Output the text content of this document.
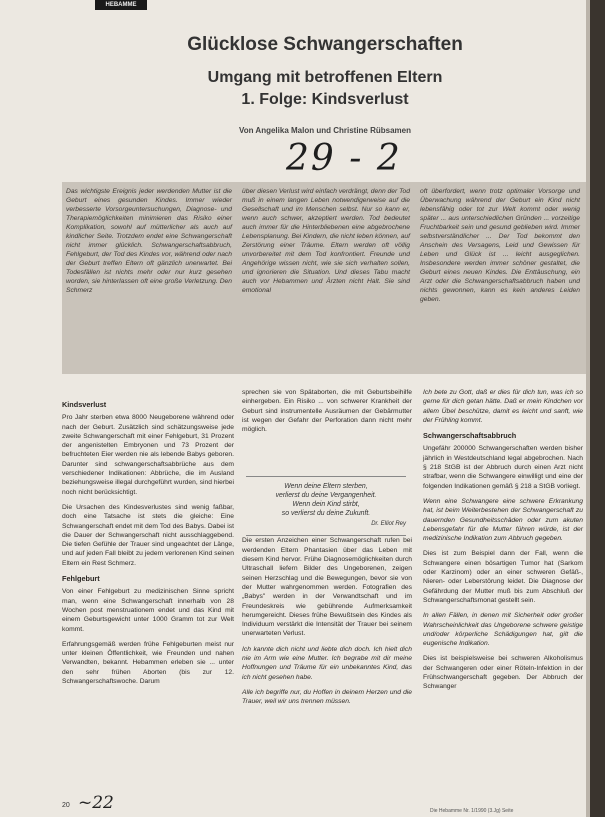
HEBAMME
Glücklose Schwangerschaften
Umgang mit betroffenen Eltern
1. Folge: Kindsverlust
Von Angelika Malon und Christine Rübsamen
29 - 2
Das wichtigste Ereignis jeder werdenden Mutter ist die Geburt eines gesunden Kindes. Immer wieder verbesserte Vorsorgeuntersuchungen, Diagnose- und Therapiemöglichkeiten minimieren das Risiko einer Komplikation, sowohl auf mütterlicher als auch auf kindlicher Seite. Trotzdem endet eine Schwangerschaft nicht immer glücklich. Schwangerschaftsabbruch, Fehlgeburt, der Tod des Kindes vor, während oder nach der Geburt treffen Eltern oft gänzlich unerwartet. Bei Todesfällen ist nichts mehr oder nur kurz gesehen worden, sie hinterlassen oft eine große Verletzung. Den Schmerz
über diesen Verlust wird einfach verdrängt, denn der Tod muß in einem langen Leben notwendigerweise auf die Gesellschaft und im Menschen selbst. Nur so kann er, wenn auch schwer, akzeptiert werden. Tod bedeutet auch immer für die Hinterbliebenen eine abgebrochene Lebensplanung. Bei Kindern, die nicht leben können, auf Zerstörung einer Träume. Eltern werden oft völlig unvorbereitet mit dem Tod konfrontiert. Freunde und Angehörige wissen nicht, wie sie sich verhalten sollen, und ignorieren die Situation. Und dieses Tabu macht auch vor Hebammen und Ärzten nicht Halt. Sie sind emotional
oft überfordert, wenn trotz optimaler Vorsorge und Überwachung während der Geburt ein Kind nicht lebensfähig oder tot zur Welt kommt oder wenig später ... aus unterschiedlichen Gründen ... vorzeitige Fruchtbarkeit sein und gesund geblieben wird. Immer selbstverständlicher ... Der Tod bekommt den Anschein des Versagens, Leid und Gewissen für Leben und Glück ist ... leicht ausgeglichen. Insbesondere werden immer schöner gestaltet, die Geburt eines neuen Kindes. Die Enttäuschung, ein Arzt oder die Schwangerschaftsabbruch haben und nichts gewonnen, kann es kein anderes Leiden geben.
Kindsverlust
Pro Jahr sterben etwa 8000 Neugeborene während oder nach der Geburt. Zusätzlich sind schätzungsweise jede zweite Schwangerschaft mit einer Fehlgeburt, 31 Prozent der angenistelten Embryonen und 73 Prozent der befruchteten Eier werden nie als lebende Babys geboren. Darunter sind schwangerschaftsabbrüche aus dem verschiedener Indikationen: Abbrüche, die im Ausland beziehungsweise illegal durchgeführt wurden, sind hierbei noch nicht berücksichtigt.
Die Ursachen des Kindesverlustes sind wenig faßbar, doch eine Tatsache ist stets die gleiche: Eine Schwangerschaft endet mit dem Tod des Babys. Dabei ist die Dauer der Schwangerschaft nicht ausschlaggebend. Die tiefen Gefühle der Trauer sind ungeachtet der Länge, und auf jeden Fall bleibt zu jedem verlorenen Kind seinen Eltern ein Rest Schmerz.
Fehlgeburt
Von einer Fehlgeburt zu medizinischen Sinne spricht man, wenn eine Schwangerschaft innerhalb von 28 Wochen post menstruationem endet und das Kind mit einem Geburtsgewicht unter 1000 Gramm tot zur Welt kommt.
Erfahrungsgemäß werden frühe Fehlgeburten meist nur unter kleinen Öffentlichkeit, wie Freunden und nahen Verwandten, bekannt. Hebammen erleben sie ... unter den sehr frühen Aborten (bis zur 12. Schwangerschaftswoche. Darum
sprechen sie von Spätaborten, die mit Geburtsbeihilfe einhergeben. Ein Risiko ... von schwerer Krankheit der Geburt sind instrumentelle Ausräumen der Gebärmutter ist wegen der Gefahr der Perforation dann nicht mehr möglich.
Die ersten Anzeichen einer Schwangerschaft rufen bei werdenden Eltern Phantasien über das Leben mit diesem Kind hervor. Frühe Diagnosemöglichkeiten durch Ultraschall liefern Bilder des Ungeborenen, zeigen seinen Herzschlag und die Bewegungen, bevor sie von der Mutter wahrgenommen werden. Fotografien des „Babys" werden in der Verwandtschaft und im Freundeskreis wie gebührende Aufmerksamkeit herumgereicht. Dieses frühe Bewußtsein des Kindes als Individuum verstärkt die Intensität der Trauer bei seinem unerwarteten Verlust.
Ich kannte dich nicht und liebte dich doch. Ich hielt dich nie im Arm wie eine Mutter. Ich begrabe mit dir meine Hoffnungen und Träume für ein unbekanntes Kind, das ich nicht gesehen habe.
Alle ich begriffe nur, du Hoffen in deinem Herzen und die Trauer, weil wir uns trennen müssen.
Wenn deine Eltern sterben,
verlierst du deine Vergangenheit.
Wenn dein Kind stirbt,
so verlierst du deine Zukunft.
Dr. Elliot Rey
Ich bete zu Gott, daß er dies für dich tun, was ich so gerne für dich getan hätte. Daß er mein Kindchen vor allem Übel beschütze, damit es leicht und sanft, wie der Frühling kommt.
Schwangerschaftsabbruch
Ungefähr 200000 Schwangerschaften werden bisher jährlich in Westdeutschland legal abgebrochen. Nach § 218 StGB ist der Abbruch durch einen Arzt nicht strafbar, wenn die Schwangere einwilligt und eine der folgenden Indikationen gemäß § 218 a StGB vorliegt.
Wenn eine Schwangere eine schwere Erkrankung hat, ist beim Weiterbestehen der Schwangerschaft zu dauernden Gesundheitsschäden oder zum akuten Lebensgefahr für die Mutter führen würde, ist der medizinische Indikation zum Abbruch gegeben.
Dies ist zum Beispiel dann der Fall, wenn die Schwangere einen bösartigen Tumor hat (Sarkom oder Karzinom) oder an einer schweren Gefäß-, Nieren- oder Leberstörung leidet. Die Diagnose der Gefährdung der Mutter muß bis zum Abschluß der Schwangerschaftsmonat gestellt sein.
In allen Fällen, in denen mit Sicherheit oder großer Wahrscheinlichkeit das Ungeborene schwere geistige und/oder körperliche Schädigungen hat, gilt die eugenische Indikation.
Dies ist beispielsweise bei schweren Alkoholismus der Schwangeren oder einer Röteln-Infektion in der Frühschwangerschaft gegeben. Der Abbruch der Schwanger
20 ~22	Die Hebamme Nr. 1/1990 (3.Jg) Seite
